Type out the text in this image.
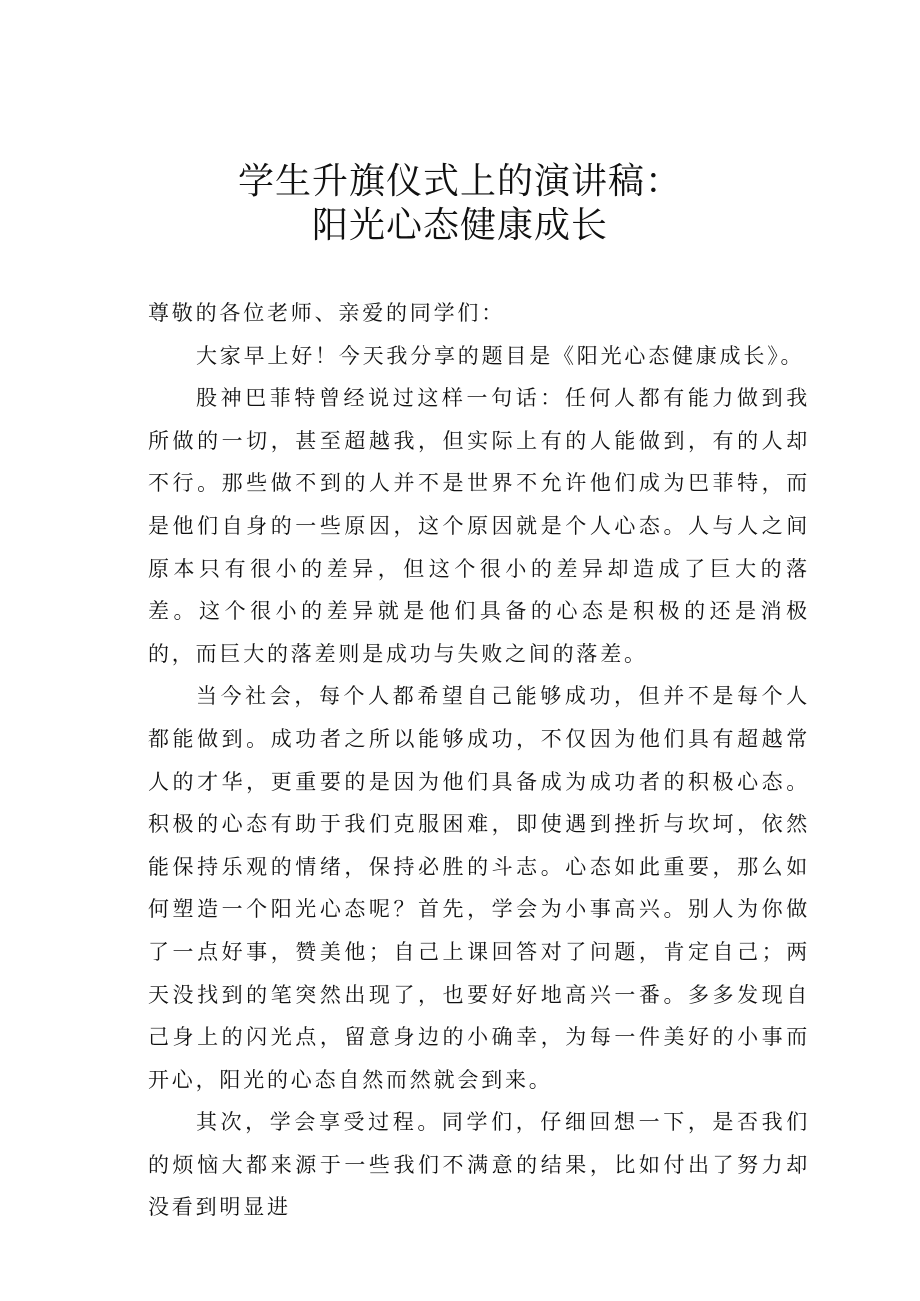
学生升旗仪式上的演讲稿：
阳光心态健康成长

尊敬的各位老师、亲爱的同学们：

大家早上好！今天我分享的题目是《阳光心态健康成长》。

股神巴菲特曾经说过这样一句话：任何人都有能力做到我所做的一切，甚至超越我，但实际上有的人能做到，有的人却不行。那些做不到的人并不是世界不允许他们成为巴菲特，而是他们自身的一些原因，这个原因就是个人心态。人与人之间原本只有很小的差异，但这个很小的差异却造成了巨大的落差。这个很小的差异就是他们具备的心态是积极的还是消极的，而巨大的落差则是成功与失败之间的落差。

当今社会，每个人都希望自己能够成功，但并不是每个人都能做到。成功者之所以能够成功，不仅因为他们具有超越常人的才华，更重要的是因为他们具备成为成功者的积极心态。积极的心态有助于我们克服困难，即使遇到挫折与坎坷，依然能保持乐观的情绪，保持必胜的斗志。心态如此重要，那么如何塑造一个阳光心态呢？首先，学会为小事高兴。别人为你做了一点好事，赞美他；自己上课回答对了问题，肯定自己；两天没找到的笔突然出现了，也要好好地高兴一番。多多发现自己身上的闪光点，留意身边的小确幸，为每一件美好的小事而开心，阳光的心态自然而然就会到来。

其次，学会享受过程。同学们，仔细回想一下，是否我们的烦恼大都来源于一些我们不满意的结果，比如付出了努力却没看到明显进
